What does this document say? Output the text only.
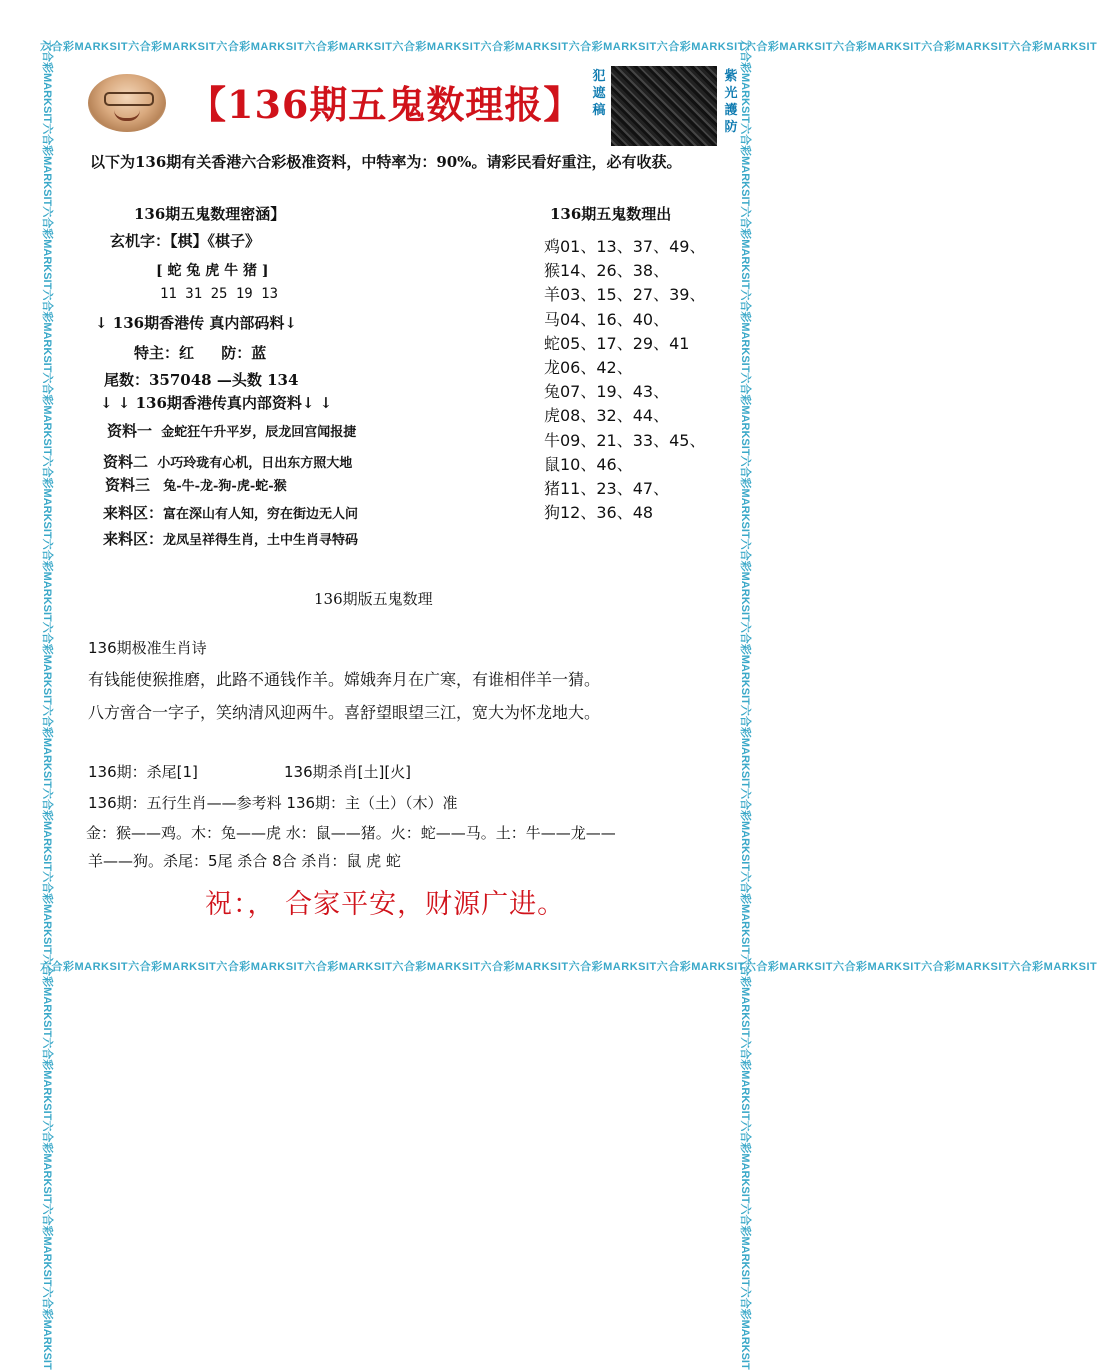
六合彩MARKSIT六合彩MARKSIT六合彩MARKSIT六合彩MARKSIT六合彩MARKSIT六合彩MARKSIT六合彩MARKSIT六合彩MARKSIT六合彩MARKSIT六合彩MARKSIT六合彩MARKSIT六合彩MARKSIT
六合彩MARKSIT六合彩MARKSIT六合彩MARKSIT六合彩MARKSIT六合彩MARKSIT六合彩MARKSIT六合彩MARKSIT六合彩MARKSIT六合彩MARKSIT六合彩MARKSIT六合彩MARKSIT六合彩MARKSIT
六合彩MARKSIT六合彩MARKSIT六合彩MARKSIT六合彩MARKSIT六合彩MARKSIT六合彩MARKSIT六合彩MARKSIT六合彩MARKSIT六合彩MARKSIT六合彩MARKSIT六合彩MARKSIT六合彩MARKSIT六合彩MARKSIT六合彩MARKSIT六合彩MARKSIT六合彩MARKSIT	六合彩MARKSIT六合彩MARKSIT六合彩MARKSIT六合彩MARKSIT六合彩MARKSIT六合彩MARKSIT六合彩MARKSIT六合彩MARKSIT六合彩MARKSIT六合彩MARKSIT六合彩MARKSIT六合彩MARKSIT六合彩MARKSIT六合彩MARKSIT六合彩MARKSIT六合彩MARKSIT
【136期五鬼数理报】
犯遮稿
紫光護防
以下为136期有关香港六合彩极准资料，中特率为：90%。请彩民看好重注，必有收获。
136期五鬼数理密涵】
玄机字：【棋】《棋子》
[ 蛇 兔 虎 牛 猪 ]
11 31 25 19 13
↓ 136期香港传 真内部码料↓
特主：红 防：蓝
尾数：357048 —头数 134
↓ ↓ 136期香港传真内部资料↓ ↓
资料一 金蛇狂午升平岁，辰龙回宫闻报捷
资料二 小巧玲珑有心机，日出东方照大地
资料三 兔-牛-龙-狗-虎-蛇-猴
来料区：富在深山有人知，穷在街边无人问
来料区：龙凤呈祥得生肖，土中生肖寻特码
136期五鬼数理出
鸡01、13、37、49、
猴14、26、38、
羊03、15、27、39、
马04、16、40、
蛇05、17、29、41
龙06、42、
兔07、19、43、
虎08、32、44、
牛09、21、33、45、
鼠10、46、
猪11、23、47、
狗12、36、48
136期版五鬼数理
136期极准生肖诗
有钱能使猴推磨，此路不通钱作羊。嫦娥奔月在广寒，有谁相伴羊一猜。
八方啻合一字子，笑纳清风迎两牛。喜舒望眼望三江，宽大为怀龙地大。
136期：杀尾[1]	136期杀肖[土][火]
136期：五行生肖——参考料 136期：主（土）（木）准
金：猴——鸡。木：兔——虎 水：鼠——猪。火：蛇——马。土：牛——龙——
羊——狗。杀尾：5尾 杀合 8合 杀肖：鼠 虎 蛇
祝：， 合家平安，财源广进。
